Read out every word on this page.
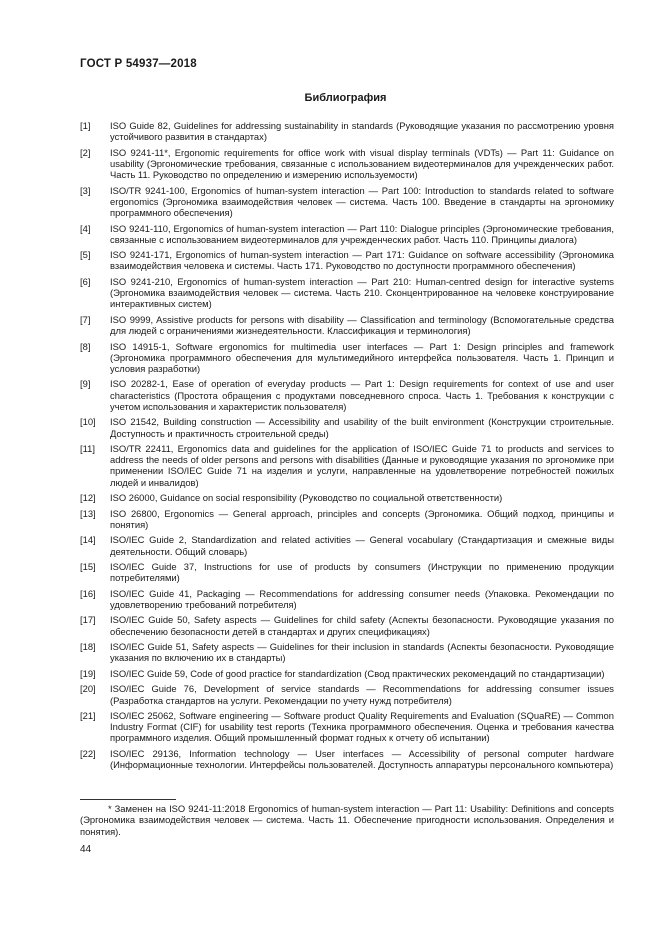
ГОСТ Р 54937—2018
Библиография
[1]	ISO Guide 82, Guidelines for addressing sustainability in standards (Руководящие указания по рассмотрению уровня устойчивого развития в стандартах)
[2]	ISO 9241-11*, Ergonomic requirements for office work with visual display terminals (VDTs) — Part 11: Guidance on usability (Эргономические требования, связанные с использованием видеотерминалов для учрежденческих работ. Часть 11. Руководство по определению и измерению используемости)
[3]	ISO/TR 9241-100, Ergonomics of human-system interaction — Part 100: Introduction to standards related to software ergonomics (Эргономика взаимодействия человек — система. Часть 100. Введение в стандарты на эргономику программного обеспечения)
[4]	ISO 9241-110, Ergonomics of human-system interaction — Part 110: Dialogue principles (Эргономические требования, связанные с использованием видеотерминалов для учрежденческих работ. Часть 110. Принципы диалога)
[5]	ISO 9241-171, Ergonomics of human-system interaction — Part 171: Guidance on software accessibility (Эргономика взаимодействия человека и системы. Часть 171. Руководство по доступности программного обеспечения)
[6]	ISO 9241-210, Ergonomics of human-system interaction — Part 210: Human-centred design for interactive systems (Эргономика взаимодействия человек — система. Часть 210. Сконцентрированное на человеке конструирование интерактивных систем)
[7]	ISO 9999, Assistive products for persons with disability — Classification and terminology (Вспомогательные средства для людей с ограничениями жизнедеятельности. Классификация и терминология)
[8]	ISO 14915-1, Software ergonomics for multimedia user interfaces — Part 1: Design principles and framework (Эргономика программного обеспечения для мультимедийного интерфейса пользователя. Часть 1. Принцип и условия разработки)
[9]	ISO 20282-1, Ease of operation of everyday products — Part 1: Design requirements for context of use and user characteristics (Простота обращения с продуктами повседневного спроса. Часть 1. Требования к конструкции с учетом использования и характеристик пользователя)
[10]	ISO 21542, Building construction — Accessibility and usability of the built environment (Конструкции строительные. Доступность и практичность строительной среды)
[11]	ISO/TR 22411, Ergonomics data and guidelines for the application of ISO/IEC Guide 71 to products and services to address the needs of older persons and persons with disabilities (Данные и руководящие указания по эргономике при применении ISO/IEC Guide 71 на изделия и услуги, направленные на удовлетворение потребностей пожилых людей и инвалидов)
[12]	ISO 26000, Guidance on social responsibility (Руководство по социальной ответственности)
[13]	ISO 26800, Ergonomics — General approach, principles and concepts (Эргономика. Общий подход, принципы и понятия)
[14]	ISO/IEC Guide 2, Standardization and related activities — General vocabulary (Стандартизация и смежные виды деятельности. Общий словарь)
[15]	ISO/IEC Guide 37, Instructions for use of products by consumers (Инструкции по применению продукции потребителями)
[16]	ISO/IEC Guide 41, Packaging — Recommendations for addressing consumer needs (Упаковка. Рекомендации по удовлетворению требований потребителя)
[17]	ISO/IEC Guide 50, Safety aspects — Guidelines for child safety (Аспекты безопасности. Руководящие указания по обеспечению безопасности детей в стандартах и других спецификациях)
[18]	ISO/IEC Guide 51, Safety aspects — Guidelines for their inclusion in standards (Аспекты безопасности. Руководящие указания по включению их в стандарты)
[19]	ISO/IEC Guide 59, Code of good practice for standardization (Свод практических рекомендаций по стандартизации)
[20]	ISO/IEC Guide 76, Development of service standards — Recommendations for addressing consumer issues (Разработка стандартов на услуги. Рекомендации по учету нужд потребителя)
[21]	ISO/IEC 25062, Software engineering — Software product Quality Requirements and Evaluation (SQuaRE) — Common Industry Format (CIF) for usability test reports (Техника программного обеспечения. Оценка и требования качества программного изделия. Общий промышленный формат годных к отчету об испытании)
[22]	ISO/IEC 29136, Information technology — User interfaces — Accessibility of personal computer hardware (Информационные технологии. Интерфейсы пользователей. Доступность аппаратуры персонального компьютера)
* Заменен на ISO 9241-11:2018 Ergonomics of human-system interaction — Part 11: Usability: Definitions and concepts (Эргономика взаимодействия человек — система. Часть 11. Обеспечение пригодности использования. Определения и понятия).
44
